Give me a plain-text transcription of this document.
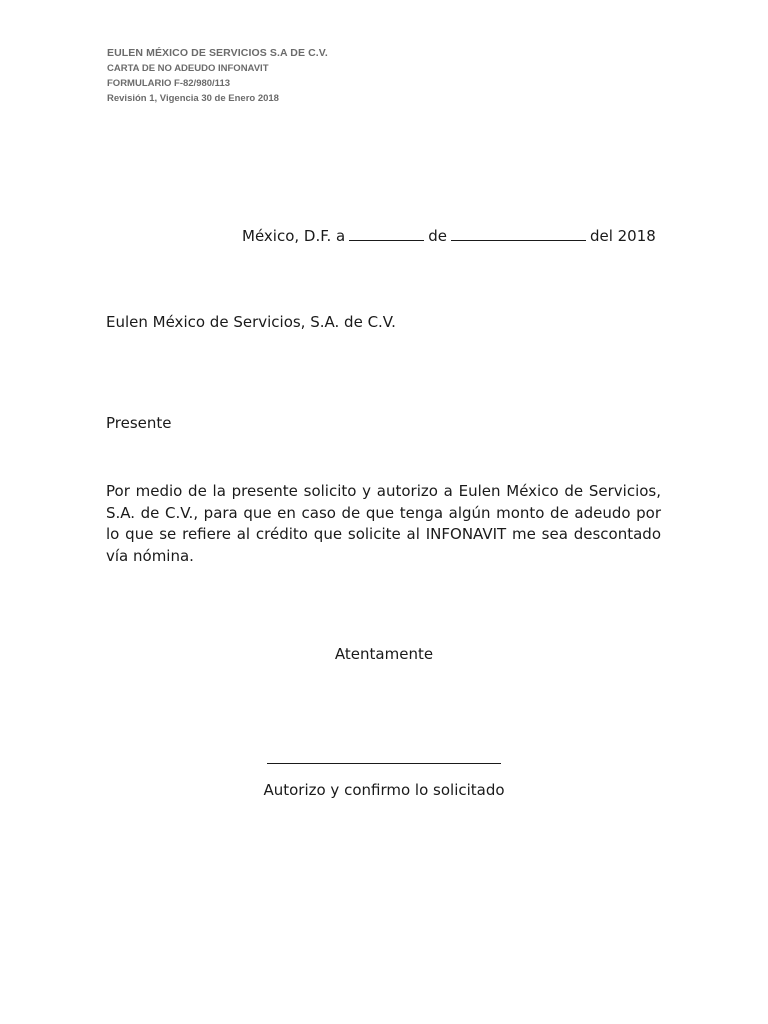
EULEN MÉXICO DE SERVICIOS S.A DE C.V.
CARTA DE NO ADEUDO INFONAVIT
FORMULARIO F-82/980/113
Revisión 1, Vigencia 30 de Enero 2018
México, D.F. a	de	del 2018
Eulen México de Servicios, S.A. de C.V.
Presente
Por medio de la presente solicito y autorizo a Eulen México de Servicios, S.A. de C.V., para que en caso de que tenga algún monto de adeudo por lo que se refiere al crédito que solicite al INFONAVIT me sea descontado vía nómina.
Atentamente
Autorizo y confirmo lo solicitado
